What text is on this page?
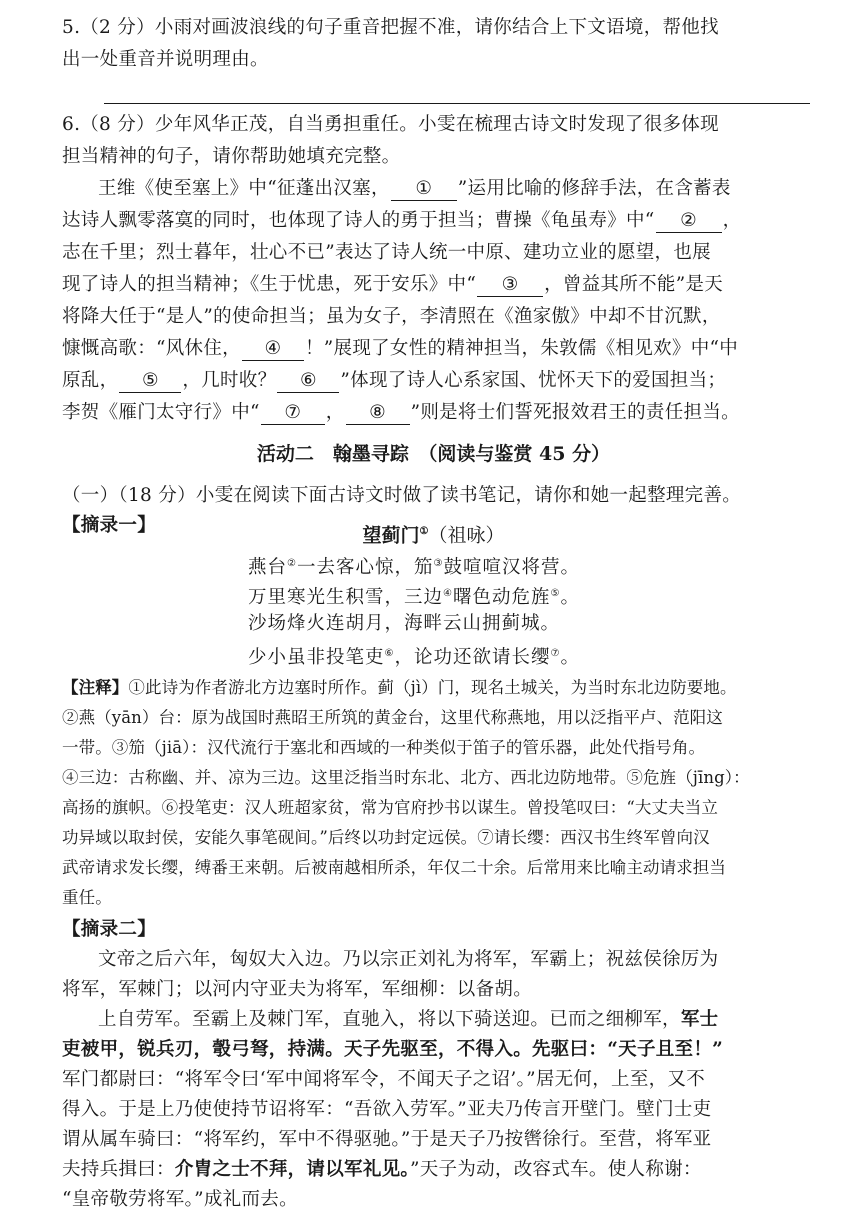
5.（2 分）小雨对画波浪线的句子重音把握不准，请你结合上下文语境，帮他找
出一处重音并说明理由。
6.（8 分）少年风华正茂，自当勇担重任。小雯在梳理古诗文时发现了很多体现
担当精神的句子，请你帮助她填充完整。
王维《使至塞上》中“征蓬出汉塞， ① ”运用比喻的修辞手法，在含蓄表
达诗人飘零落寞的同时，也体现了诗人的勇于担当；曹操《龟虽寿》中“ ② ，
志在千里；烈士暮年，壮心不已”表达了诗人统一中原、建功立业的愿望，也展
现了诗人的担当精神；《生于忧患，死于安乐》中“ ③ ，曾益其所不能”是天
将降大任于“是人”的使命担当；虽为女子，李清照在《渔家傲》中却不甘沉默，
慷慨高歌：“风休住， ④ ！”展现了女性的精神担当，朱敦儒《相见欢》中“中
原乱， ⑤ ，几时收？ ⑥ ”体现了诗人心系家国、忧怀天下的爱国担当；
李贺《雁门太守行》中“ ⑦ ， ⑧ ”则是将士们誓死报效君王的责任担当。
活动二　翰墨寻踪　（阅读与鉴赏 45 分）
（一）（18 分）小雯在阅读下面古诗文时做了读书笔记，请你和她一起整理完善。
【摘录一】	望蓟门①（祖咏）
燕台②一去客心惊，笳③鼓喧喧汉将营。
万里寒光生积雪，三边④曙色动危旌⑤。
沙场烽火连胡月，海畔云山拥蓟城。
少小虽非投笔吏⑥，论功还欲请长缨⑦。
【注释】①此诗为作者游北方边塞时所作。蓟（jì）门，现名土城关，为当时东北边防要地。
②燕（yān）台：原为战国时燕昭王所筑的黄金台，这里代称燕地，用以泛指平卢、范阳这
一带。③笳（jiā）：汉代流行于塞北和西域的一种类似于笛子的管乐器，此处代指号角。
④三边：古称幽、并、凉为三边。这里泛指当时东北、北方、西北边防地带。⑤危旌（jīng）：
高扬的旗帜。⑥投笔吏：汉人班超家贫，常为官府抄书以谋生。曾投笔叹曰：“大丈夫当立
功异域以取封侯，安能久事笔砚间。”后终以功封定远侯。⑦请长缨：西汉书生终军曾向汉
武帝请求发长缨，缚番王来朝。后被南越相所杀，年仅二十余。后常用来比喻主动请求担当
重任。
【摘录二】
文帝之后六年，匈奴大入边。乃以宗正刘礼为将军，军霸上；祝兹侯徐厉为
将军，军棘门；以河内守亚夫为将军，军细柳：以备胡。
上自劳军。至霸上及棘门军，直驰入，将以下骑送迎。已而之细柳军，军士
吏被甲，锐兵刃，彀弓弩，持满。天子先驱至，不得入。先驱曰：“天子且至！”
军门都尉曰：“将军令曰‘军中闻将军令，不闻天子之诏’。”居无何，上至，又不
得入。于是上乃使使持节诏将军：“吾欲入劳军。”亚夫乃传言开壁门。壁门士吏
谓从属车骑曰：“将军约，军中不得驱驰。”于是天子乃按辔徐行。至营，将军亚
夫持兵揖曰：介胄之士不拜，请以军礼见。”天子为动，改容式车。使人称谢：
“皇帝敬劳将军。”成礼而去。
